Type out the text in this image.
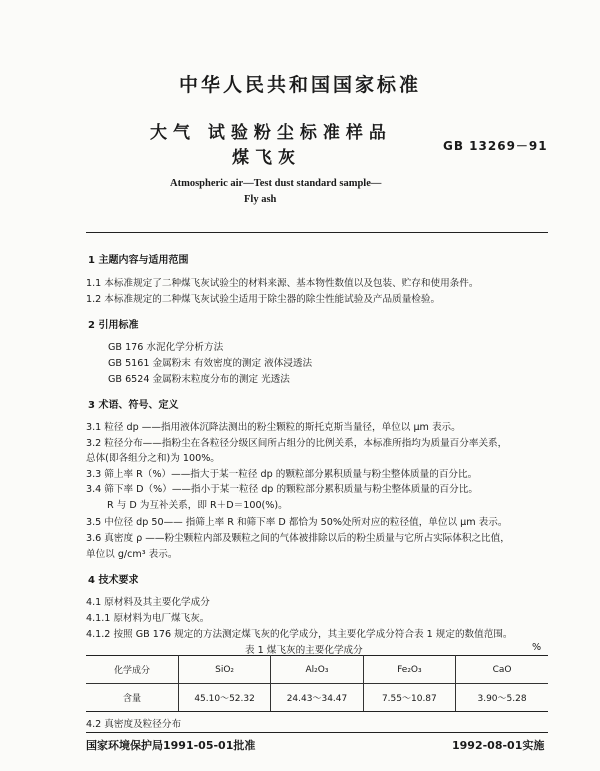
中华人民共和国国家标准
大气 试验粉尘标准样品
GB 13269－91
煤飞灰
Atmospheric air—Test dust standard sample—
Fly ash
1 主题内容与适用范围
1.1 本标准规定了二种煤飞灰试验尘的材料来源、基本物性数值以及包装、贮存和使用条件。
1.2 本标准规定的二种煤飞灰试验尘适用于除尘器的除尘性能试验及产品质量检验。
2 引用标准
GB 176 水泥化学分析方法
GB 5161 金属粉末 有效密度的测定 液体浸透法
GB 6524 金属粉末粒度分布的测定 光透法
3 术语、符号、定义
3.1 粒径 dp ——指用液体沉降法测出的粉尘颗粒的斯托克斯当量径，单位以 μm 表示。
3.2 粒径分布——指粉尘在各粒径分级区间所占组分的比例关系，本标准所指均为质量百分率关系，
总体(即各组分之和)为 100%。
3.3 筛上率 R（%）——指大于某一粒径 dp 的颗粒部分累积质量与粉尘整体质量的百分比。
3.4 筛下率 D（%）——指小于某一粒径 dp 的颗粒部分累积质量与粉尘整体质量的百分比。
R 与 D 为互补关系，即 R＋D＝100(%)。
3.5 中位径 dp 50—— 指筛上率 R 和筛下率 D 都恰为 50%处所对应的粒径值，单位以 μm 表示。
3.6 真密度 ρ ——粉尘颗粒内部及颗粒之间的气体被排除以后的粉尘质量与它所占实际体积之比值，
单位以 g/cm³ 表示。
4 技术要求
4.1 原材料及其主要化学成分
4.1.1 原材料为电厂煤飞灰。
4.1.2 按照 GB 176 规定的方法测定煤飞灰的化学成分，其主要化学成分符合表 1 规定的数值范围。
表 1 煤飞灰的主要化学成分	%
化学成分	SiO₂	Al₂O₃	Fe₂O₃	CaO
含量	45.10～52.32	24.43～34.47	7.55～10.87	3.90～5.28
4.2 真密度及粒径分布
国家环境保护局1991-05-01批准	1992-08-01实施
